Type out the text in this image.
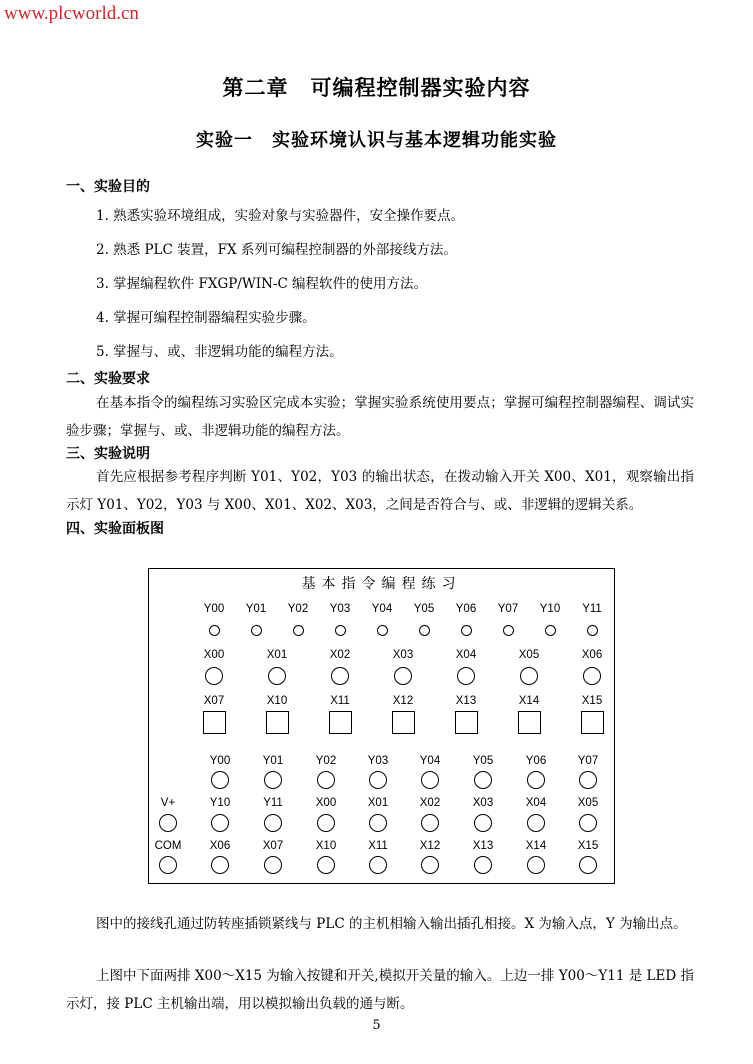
www.plcworld.cn
第二章　可编程控制器实验内容
实验一　实验环境认识与基本逻辑功能实验
一、实验目的
1. 熟悉实验环境组成，实验对象与实验器件，安全操作要点。
2. 熟悉 PLC 装置，FX 系列可编程控制器的外部接线方法。
3. 掌握编程软件 FXGP/WIN-C 编程软件的使用方法。
4. 掌握可编程控制器编程实验步骤。
5. 掌握与、或、非逻辑功能的编程方法。
二、实验要求
在基本指令的编程练习实验区完成本实验；掌握实验系统使用要点；掌握可编程控制器编程、调试实验步骤；掌握与、或、非逻辑功能的编程方法。
三、实验说明
首先应根据参考程序判断 Y01、Y02，Y03 的输出状态，在拨动输入开关 X00、X01，观察输出指示灯 Y01、Y02，Y03 与 X00、X01、X02、X03，之间是否符合与、或、非逻辑的逻辑关系。
四、实验面板图
基本指令编程练习
Y00	Y01	Y02	Y03	Y04	Y05	Y06	Y07	Y10	Y11
X00	X01	X02	X03	X04	X05	X06
X07	X10	X11	X12	X13	X14	X15
Y00	Y01	Y02	Y03	Y04	Y05	Y06	Y07
V+	Y10	Y11	X00	X01	X02	X03	X04	X05
COM	X06	X07	X10	X11	X12	X13	X14	X15
图中的接线孔通过防转座插锁紧线与 PLC 的主机相输入输出插孔相接。X 为输入点，Y 为输出点。
上图中下面两排 X00～X15 为输入按键和开关,模拟开关量的输入。上边一排 Y00～Y11 是 LED 指示灯，接 PLC 主机输出端，用以模拟输出负载的通与断。
5
